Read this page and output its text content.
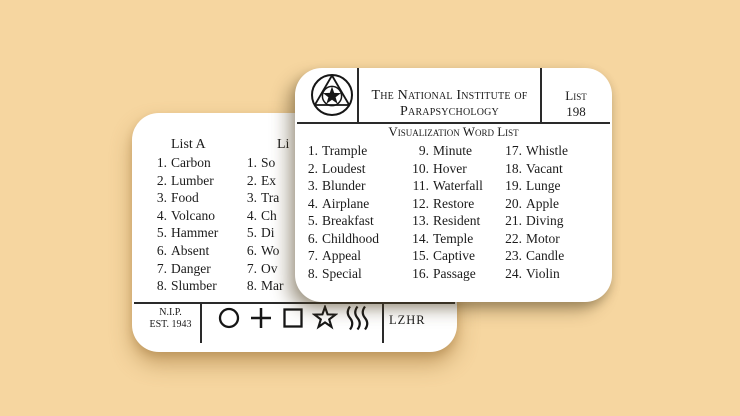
List A
1. Carbon
2. Lumber
3. Food
4. Volcano
5. Hammer
6. Absent
7. Danger
8. Slumber
Li
1. So
2. Ex
3. Tra
4. Ch
5. Di
6. Wo
7. Ov
8. Mar
N.I.P.
EST. 1943	LZHR
The National Institute of
Parapsychology
List
198
Visualization Word List
1. Trample
2. Loudest
3. Blunder
4. Airplane
5. Breakfast
6. Childhood
7. Appeal
8. Special
9. Minute
10. Hover
11. Waterfall
12. Restore
13. Resident
14. Temple
15. Captive
16. Passage
17. Whistle
18. Vacant
19. Lunge
20. Apple
21. Diving
22. Motor
23. Candle
24. Violin
